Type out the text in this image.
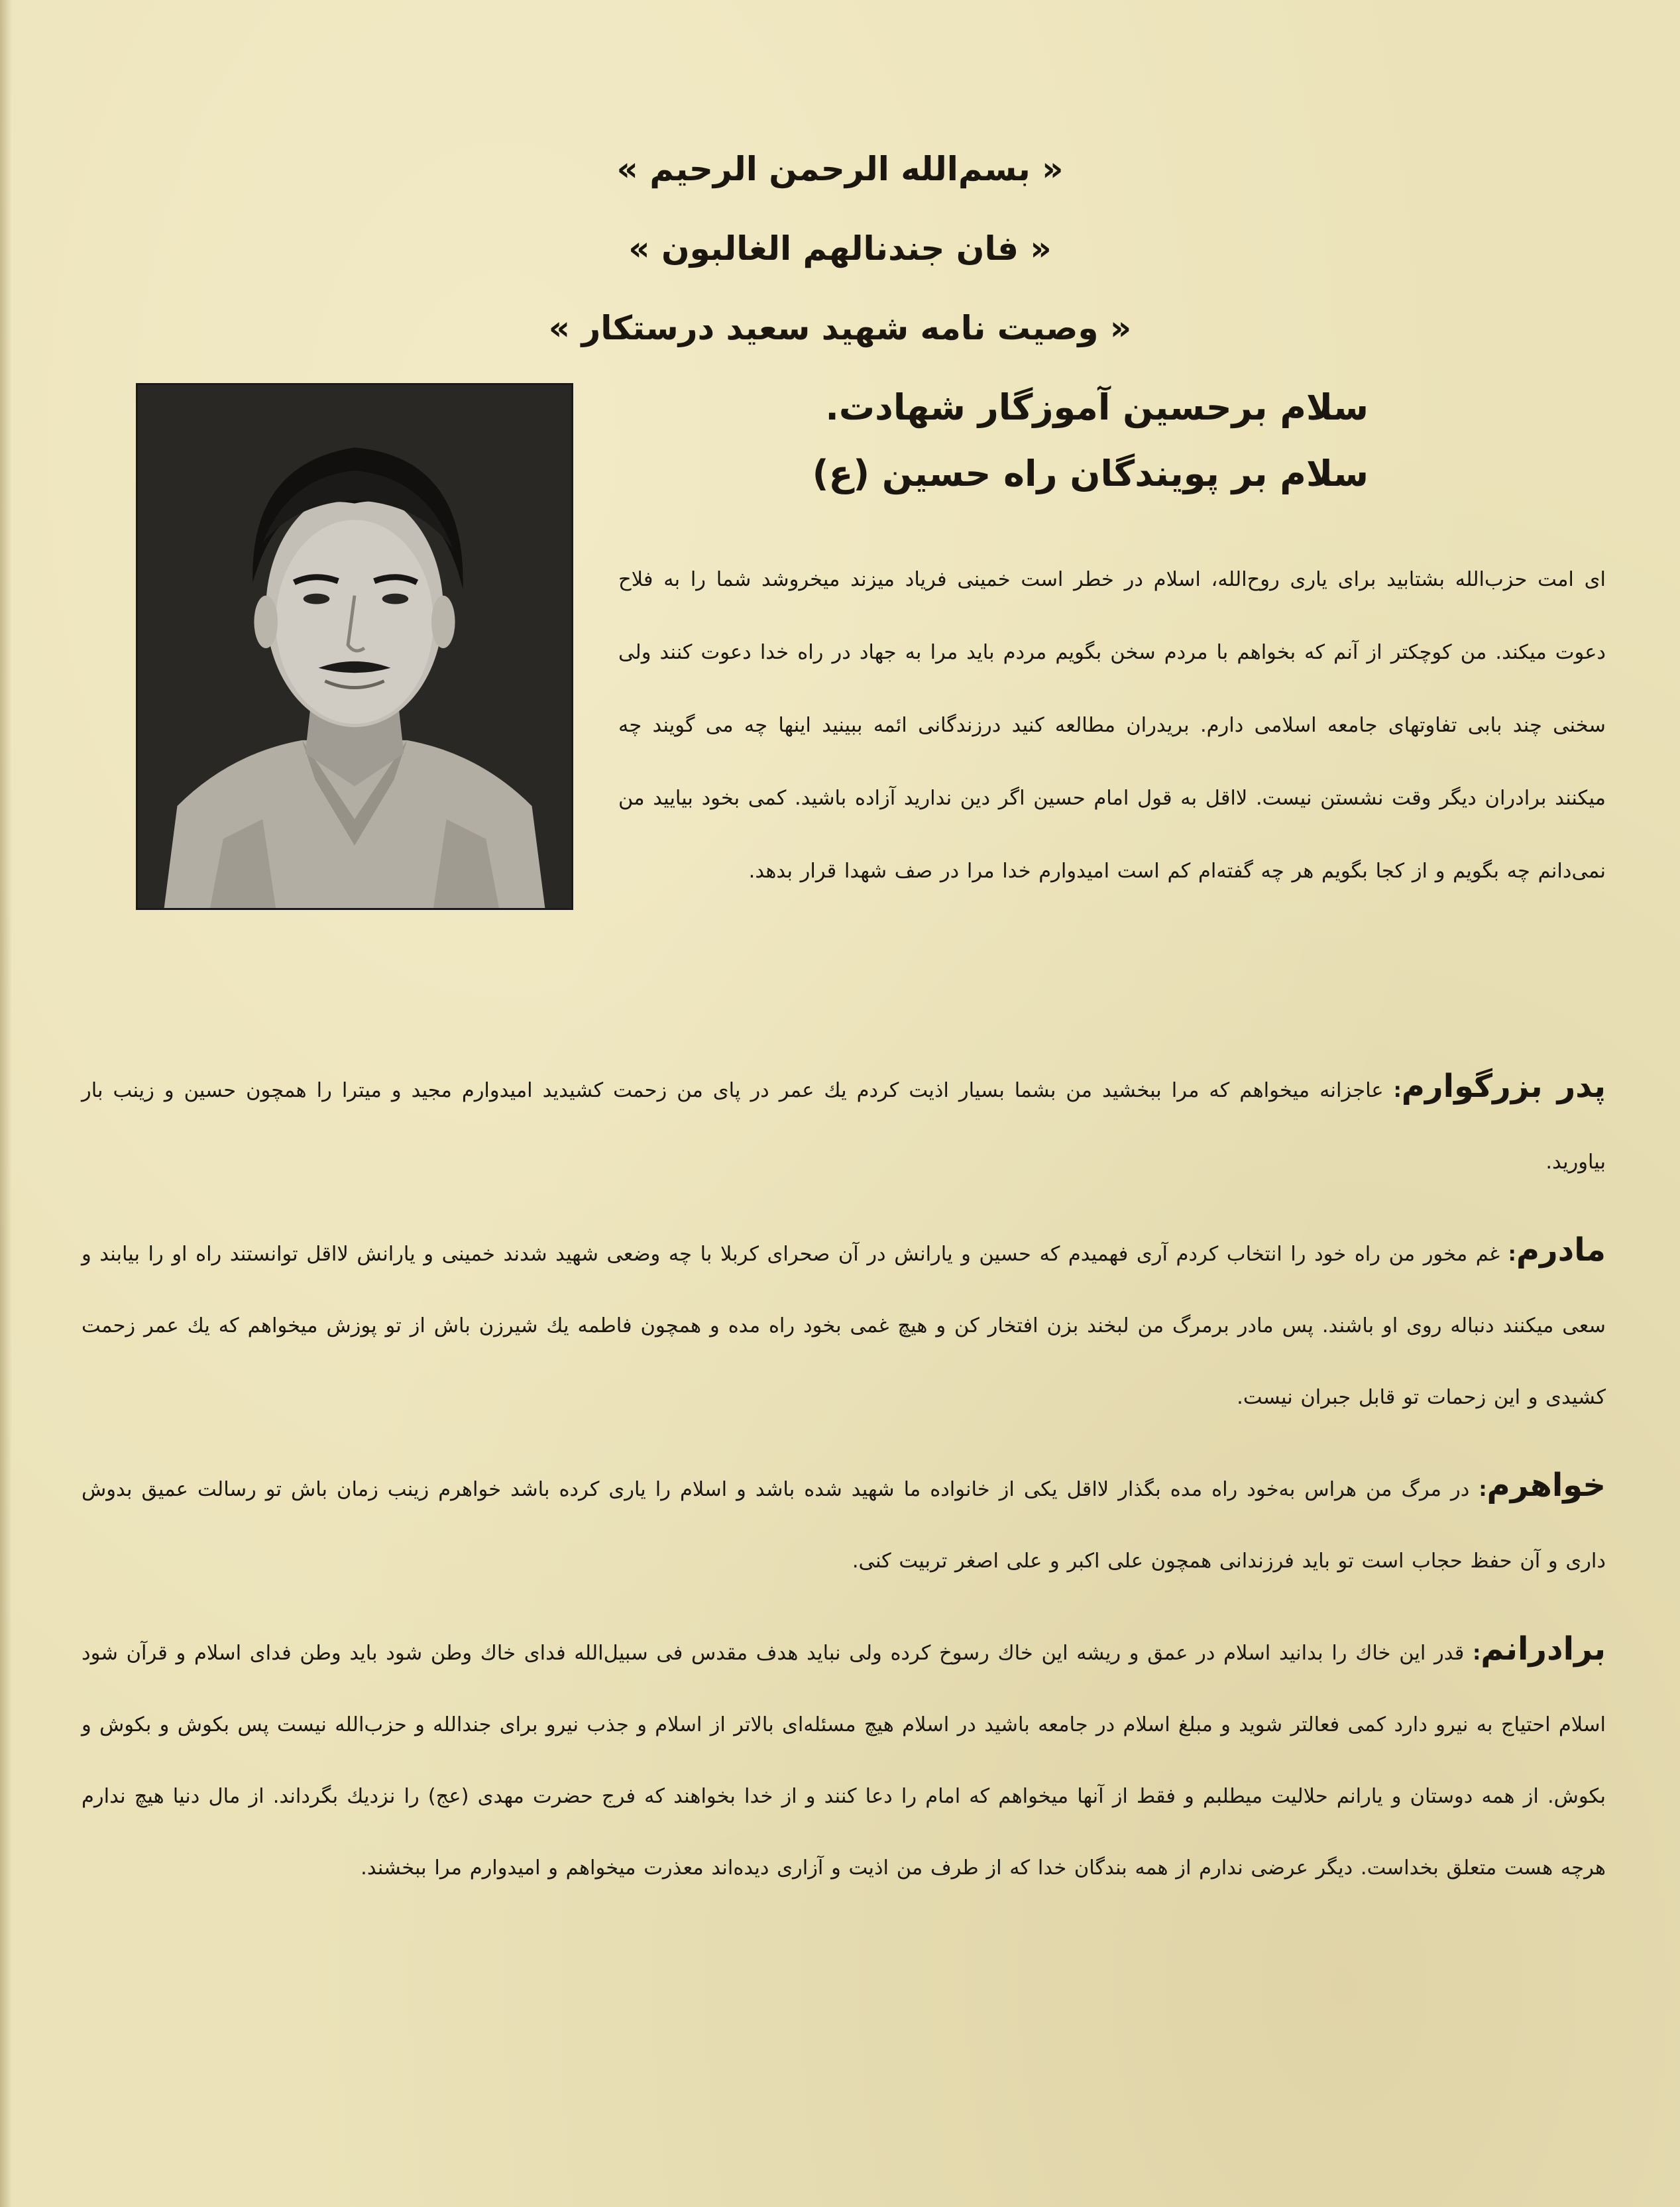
« بسم‌الله الرحمن الرحیم »
« فان جندنالهم الغالبون »
« وصیت نامه شهید سعید درستکار »
سلام برحسین آموزگار شهادت.
سلام بر پویندگان راه حسین (ع)

ای امت حزب‌الله بشتابید برای یاری روح‌الله، اسلام در خطر است خمینی فریاد میزند میخروشد شما را به فلاح دعوت میکند. من کوچکتر از آنم که بخواهم با مردم سخن بگویم مردم باید مرا به جهاد در راه خدا دعوت کنند ولی سخنی چند بابی تفاوتهای جامعه اسلامی دارم. بریدران مطالعه کنید درزندگانی ائمه ببینید اینها چه می گویند چه میکنند برادران دیگر وقت نشستن نیست. لااقل به قول امام حسین اگر دین ندارید آزاده باشید. کمی بخود بیایید من نمی‌دانم چه بگویم و از کجا بگویم هر چه گفته‌ام کم است امیدوارم خدا مرا در صف شهدا قرار بدهد.

پدر بزرگوارم: عاجزانه میخواهم که مرا ببخشید من بشما بسیار اذیت کردم یك عمر در پای من زحمت کشیدید امیدوارم مجید و میترا را همچون حسین و زینب بار بیاورید.

مادرم: غم مخور من راه خود را انتخاب کردم آری فهمیدم که حسین و یارانش در آن صحرای کربلا با چه وضعی شهید شدند خمینی و یارانش لااقل توانستند راه او را بیابند و سعی میکنند دنباله روی او باشند. پس مادر برمرگ من لبخند بزن افتخار کن و هیچ غمی بخود راه مده و همچون فاطمه یك شیرزن باش از تو پوزش میخواهم که یك عمر زحمت کشیدی و این زحمات تو قابل جبران نیست.

خواهرم: در مرگ من هراس به‌خود راه مده بگذار لااقل یکی از خانواده ما شهید شده باشد و اسلام را یاری کرده باشد خواهرم زینب زمان باش تو رسالت عمیق بدوش داری و آن حفظ حجاب است تو باید فرزندانی همچون علی اکبر و علی اصغر تربیت کنی.

برادرانم: قدر این خاك را بدانید اسلام در عمق و ریشه این خاك رسوخ کرده ولی نباید هدف مقدس فی سبیل‌الله فدای خاك وطن شود باید وطن فدای اسلام و قرآن شود اسلام احتیاج به نیرو دارد کمی فعالتر شوید و مبلغ اسلام در جامعه باشید در اسلام هیچ مسئله‌ای بالاتر از اسلام و جذب نیرو برای جندالله و حزب‌الله نیست پس بکوش و بکوش و بکوش. از همه دوستان و یارانم حلالیت میطلبم و فقط از آنها میخواهم که امام را دعا کنند و از خدا بخواهند که فرج حضرت مهدی (عج) را نزدیك بگرداند. از مال دنیا هیچ ندارم هرچه هست متعلق بخداست. دیگر عرضی ندارم از همه بندگان خدا که از طرف من اذیت و آزاری دیده‌اند معذرت میخواهم و امیدوارم مرا ببخشند.
